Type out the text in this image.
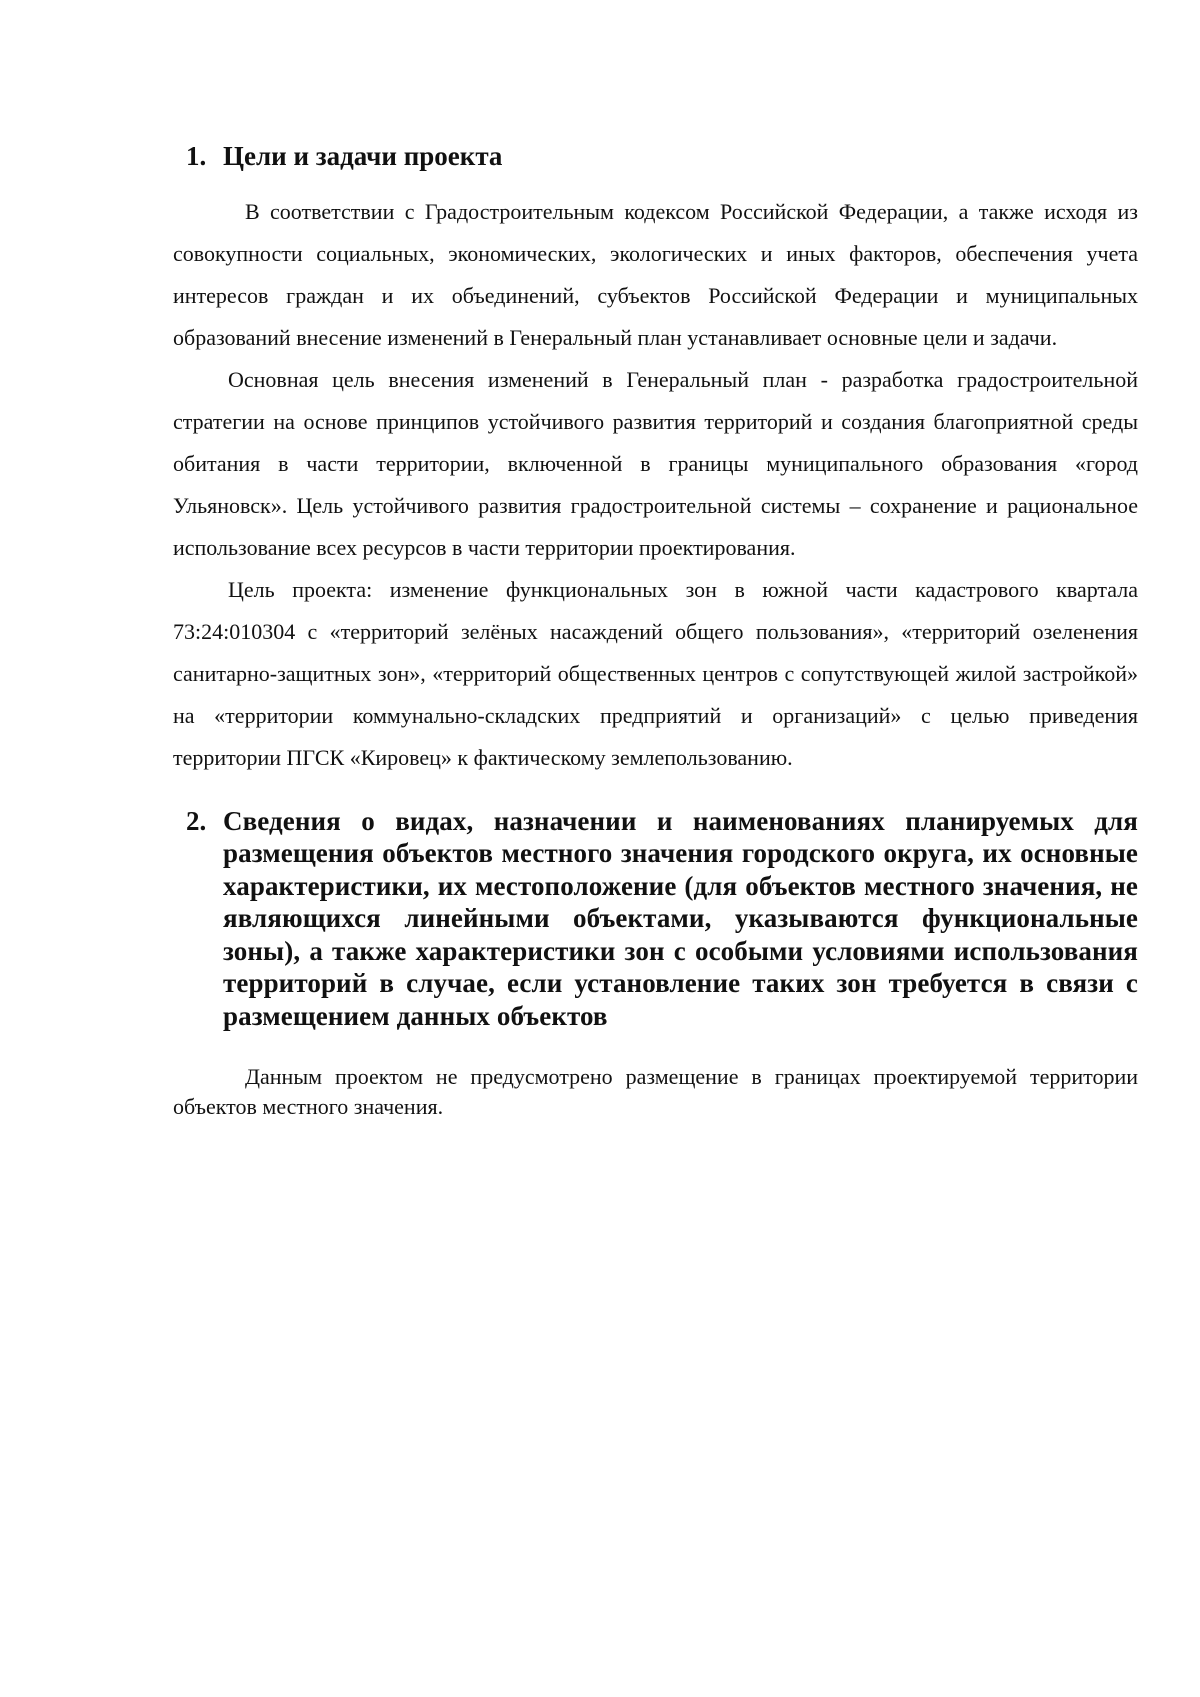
1. Цели и задачи проекта

В соответствии с Градостроительным кодексом Российской Федерации, а также исходя из совокупности социальных, экономических, экологических и иных факторов, обеспечения учета интересов граждан и их объединений, субъектов Российской Федерации и муниципальных образований внесение изменений в Генеральный план устанавливает основные цели и задачи.

Основная цель внесения изменений в Генеральный план - разработка градостроительной стратегии на основе принципов устойчивого развития территорий и создания благоприятной среды обитания в части территории, включенной в границы муниципального образования «город Ульяновск». Цель устойчивого развития градостроительной системы – сохранение и рациональное использование всех ресурсов в части территории проектирования.

Цель проекта: изменение функциональных зон в южной части кадастрового квартала 73:24:010304 с «территорий зелёных насаждений общего пользования», «территорий озеленения санитарно-защитных зон», «территорий общественных центров с сопутствующей жилой застройкой» на «территории коммунально-складских предприятий и организаций» с целью приведения территории ПГСК «Кировец» к фактическому землепользованию.

2. Сведения о видах, назначении и наименованиях планируемых для размещения объектов местного значения городского округа, их основные характеристики, их местоположение (для объектов местного значения, не являющихся линейными объектами, указываются функциональные зоны), а также характеристики зон с особыми условиями использования территорий в случае, если установление таких зон требуется в связи с размещением данных объектов

Данным проектом не предусмотрено размещение в границах проектируемой территории объектов местного значения.
